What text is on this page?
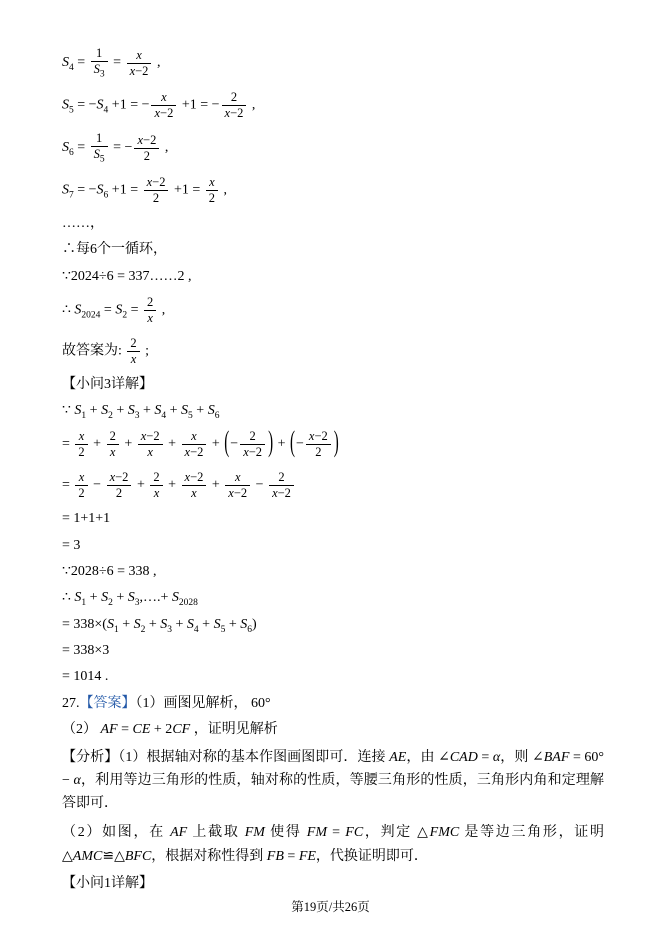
$S_4 = \frac{1}{S_3} = \frac{x}{x-2}$ ,
$S_5 = -S_4 +1$ = − $\frac{x}{x-2} +1$ = − $\frac{2}{x-2}$ ,
$S_6 = \frac{1}{S_5}$ = − $\frac{x-2}{2}$ ,
$S_7 = -S_6 +1 = \frac{x-2}{2} +1 = \frac{x}{2}$ ,
……，
∴每6个一循环，
∵2024÷6 = 337……2 ,
∴ $S_{2024} = S_2 = \frac{2}{x}$ ,
故答案为: $\frac{2}{x}$ ;
【小问3详解】
∵ $S_1 + S_2 + S_3 + S_4 + S_5 + S_6$
= $\frac{x}{2} + \frac{2}{x} + \frac{x-2}{x} + \frac{x}{x-2}$ + (− $\frac{2}{x-2}$ ) + (− $\frac{x-2}{2}$ )
= $\frac{x}{2} - \frac{x-2}{2} + \frac{2}{x} + \frac{x-2}{x} + \frac{x}{x-2} - \frac{2}{x-2}$
= 1+1+1
= 3
∵2028÷6 = 338 ,
∴ $S_1 + S_2$ + $S_3,\dots.+ S_{2028}$
= $338\times(S_1 + S_2 + S_3 + S_4 + S_5 + S_6)$
= 338×3
= 1014 .
27.【答案】（1）画图见解析， 60°
（2） AF = CE + 2CF ，证明见解析
【分析】（1）根据轴对称的基本作图画图即可．连接 AE，由 ∠CAD = α，则 ∠BAF = 60° − α，利用等边三角形的性质，轴对称的性质，等腰三角形的性质，三角形内角和定理解答即可．
（2）如图，在 AF 上截取 FM 使得 FM = FC，判定 △FMC 是等边三角形，证明 △AMC≌△BFC，根据对称性得到 FB = FE，代换证明即可．
【小问1详解】
第19页/共26页
